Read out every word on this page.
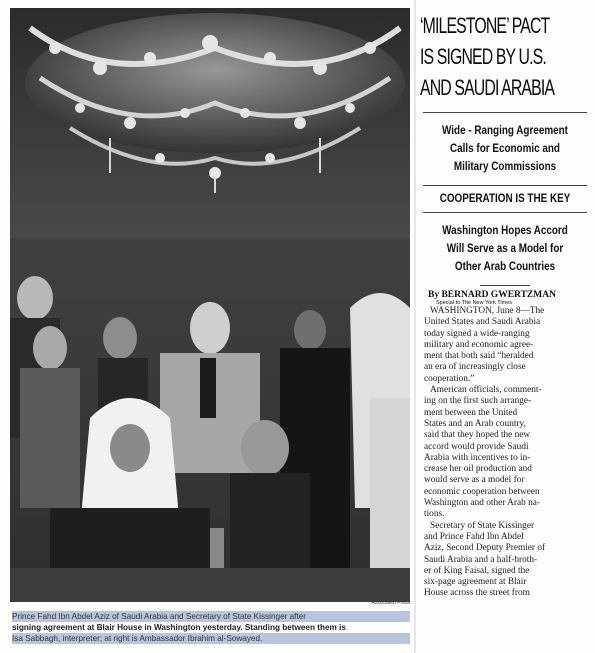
Associated Press
Prince Fahd Ibn Abdel Aziz of Saudi Arabia and Secretary of State Kissinger after
signing agreement at Blair House in Washington yesterday. Standing between them is
Isa Sabbagh, interpreter; at right is Ambassador Ibrahim al-Sowayed.
‘MILESTONE’ PACT
IS SIGNED BY U.S.
AND SAUDI ARABIA
Wide - Ranging Agreement
Calls for Economic and
Military Commissions
COOPERATION IS THE KEY
Washington Hopes Accord
Will Serve as a Model for
Other Arab Countries
By BERNARD GWERTZMAN
Special to The New York Times
WASHINGTON, June 8—The
United States and Saudi Arabia
today signed a wide-ranging
military and economic agree-
ment that both said “heralded
an era of increasingly close
cooperation.”
American officials, comment-
ing on the first such arrange-
ment between the United
States and an Arab country,
said that they hoped the new
accord would provide Saudi
Arabia with incentives to in-
crease her oil production and
would serve as a model for
economic cooperation between
Washington and other Arab na-
tions.
Secretary of State Kissinger
and Prince Fahd Ibn Abdel
Aziz, Second Deputy Premier of
Saudi Arabia and a half-broth-
er of King Faisal, signed the
six-page agreement at Blair
House across the street from
